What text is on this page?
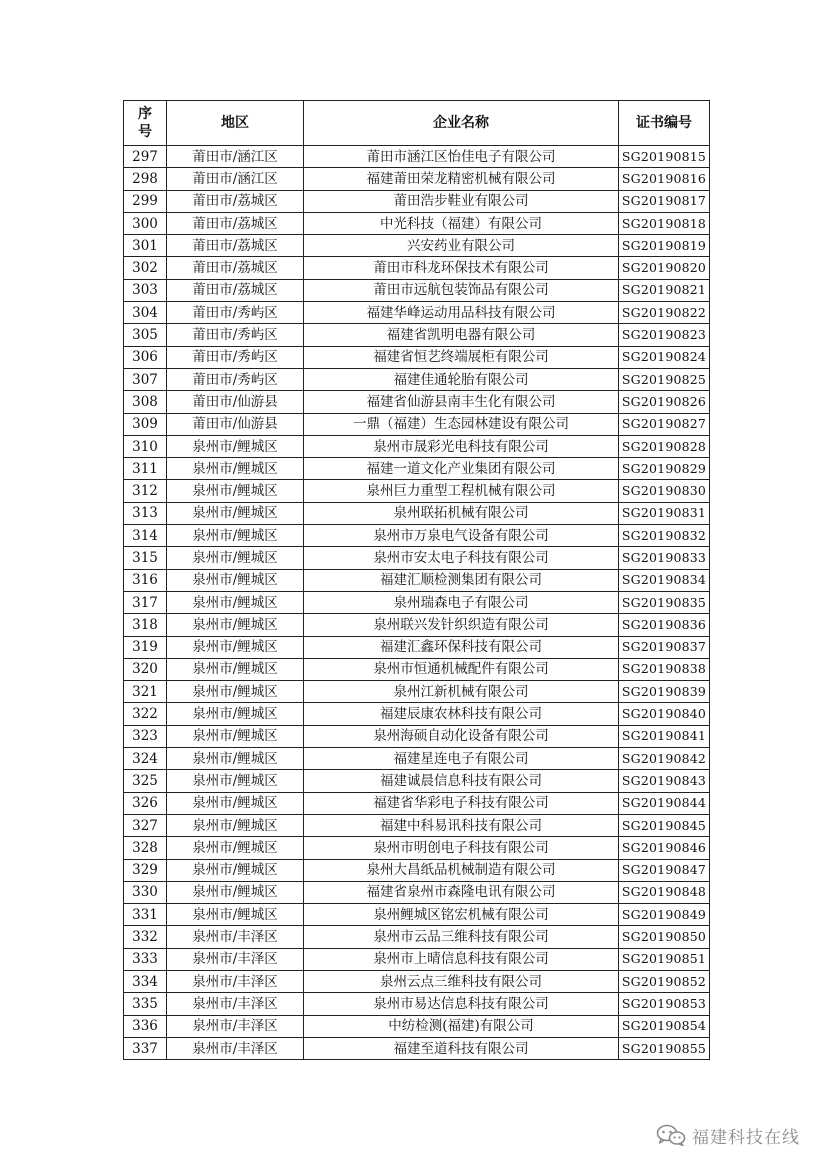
序
号	地区	企业名称	证书编号
297	莆田市/涵江区	莆田市涵江区怡佳电子有限公司	SG20190815
298	莆田市/涵江区	福建莆田荣龙精密机械有限公司	SG20190816
299	莆田市/荔城区	莆田浩步鞋业有限公司	SG20190817
300	莆田市/荔城区	中光科技（福建）有限公司	SG20190818
301	莆田市/荔城区	兴安药业有限公司	SG20190819
302	莆田市/荔城区	莆田市科龙环保技术有限公司	SG20190820
303	莆田市/荔城区	莆田市远航包装饰品有限公司	SG20190821
304	莆田市/秀屿区	福建华峰运动用品科技有限公司	SG20190822
305	莆田市/秀屿区	福建省凯明电器有限公司	SG20190823
306	莆田市/秀屿区	福建省恒艺终端展柜有限公司	SG20190824
307	莆田市/秀屿区	福建佳通轮胎有限公司	SG20190825
308	莆田市/仙游县	福建省仙游县南丰生化有限公司	SG20190826
309	莆田市/仙游县	一鼎（福建）生态园林建设有限公司	SG20190827
310	泉州市/鲤城区	泉州市晟彩光电科技有限公司	SG20190828
311	泉州市/鲤城区	福建一道文化产业集团有限公司	SG20190829
312	泉州市/鲤城区	泉州巨力重型工程机械有限公司	SG20190830
313	泉州市/鲤城区	泉州联拓机械有限公司	SG20190831
314	泉州市/鲤城区	泉州市万泉电气设备有限公司	SG20190832
315	泉州市/鲤城区	泉州市安太电子科技有限公司	SG20190833
316	泉州市/鲤城区	福建汇顺检测集团有限公司	SG20190834
317	泉州市/鲤城区	泉州瑞森电子有限公司	SG20190835
318	泉州市/鲤城区	泉州联兴发针织织造有限公司	SG20190836
319	泉州市/鲤城区	福建汇鑫环保科技有限公司	SG20190837
320	泉州市/鲤城区	泉州市恒通机械配件有限公司	SG20190838
321	泉州市/鲤城区	泉州江新机械有限公司	SG20190839
322	泉州市/鲤城区	福建辰康农林科技有限公司	SG20190840
323	泉州市/鲤城区	泉州海硕自动化设备有限公司	SG20190841
324	泉州市/鲤城区	福建星连电子有限公司	SG20190842
325	泉州市/鲤城区	福建诚晨信息科技有限公司	SG20190843
326	泉州市/鲤城区	福建省华彩电子科技有限公司	SG20190844
327	泉州市/鲤城区	福建中科易讯科技有限公司	SG20190845
328	泉州市/鲤城区	泉州市明创电子科技有限公司	SG20190846
329	泉州市/鲤城区	泉州大昌纸品机械制造有限公司	SG20190847
330	泉州市/鲤城区	福建省泉州市森隆电讯有限公司	SG20190848
331	泉州市/鲤城区	泉州鲤城区铭宏机械有限公司	SG20190849
332	泉州市/丰泽区	泉州市云品三维科技有限公司	SG20190850
333	泉州市/丰泽区	泉州市上晴信息科技有限公司	SG20190851
334	泉州市/丰泽区	泉州云点三维科技有限公司	SG20190852
335	泉州市/丰泽区	泉州市易达信息科技有限公司	SG20190853
336	泉州市/丰泽区	中纺检测(福建)有限公司	SG20190854
337	泉州市/丰泽区	福建至道科技有限公司	SG20190855
福建科技在线
